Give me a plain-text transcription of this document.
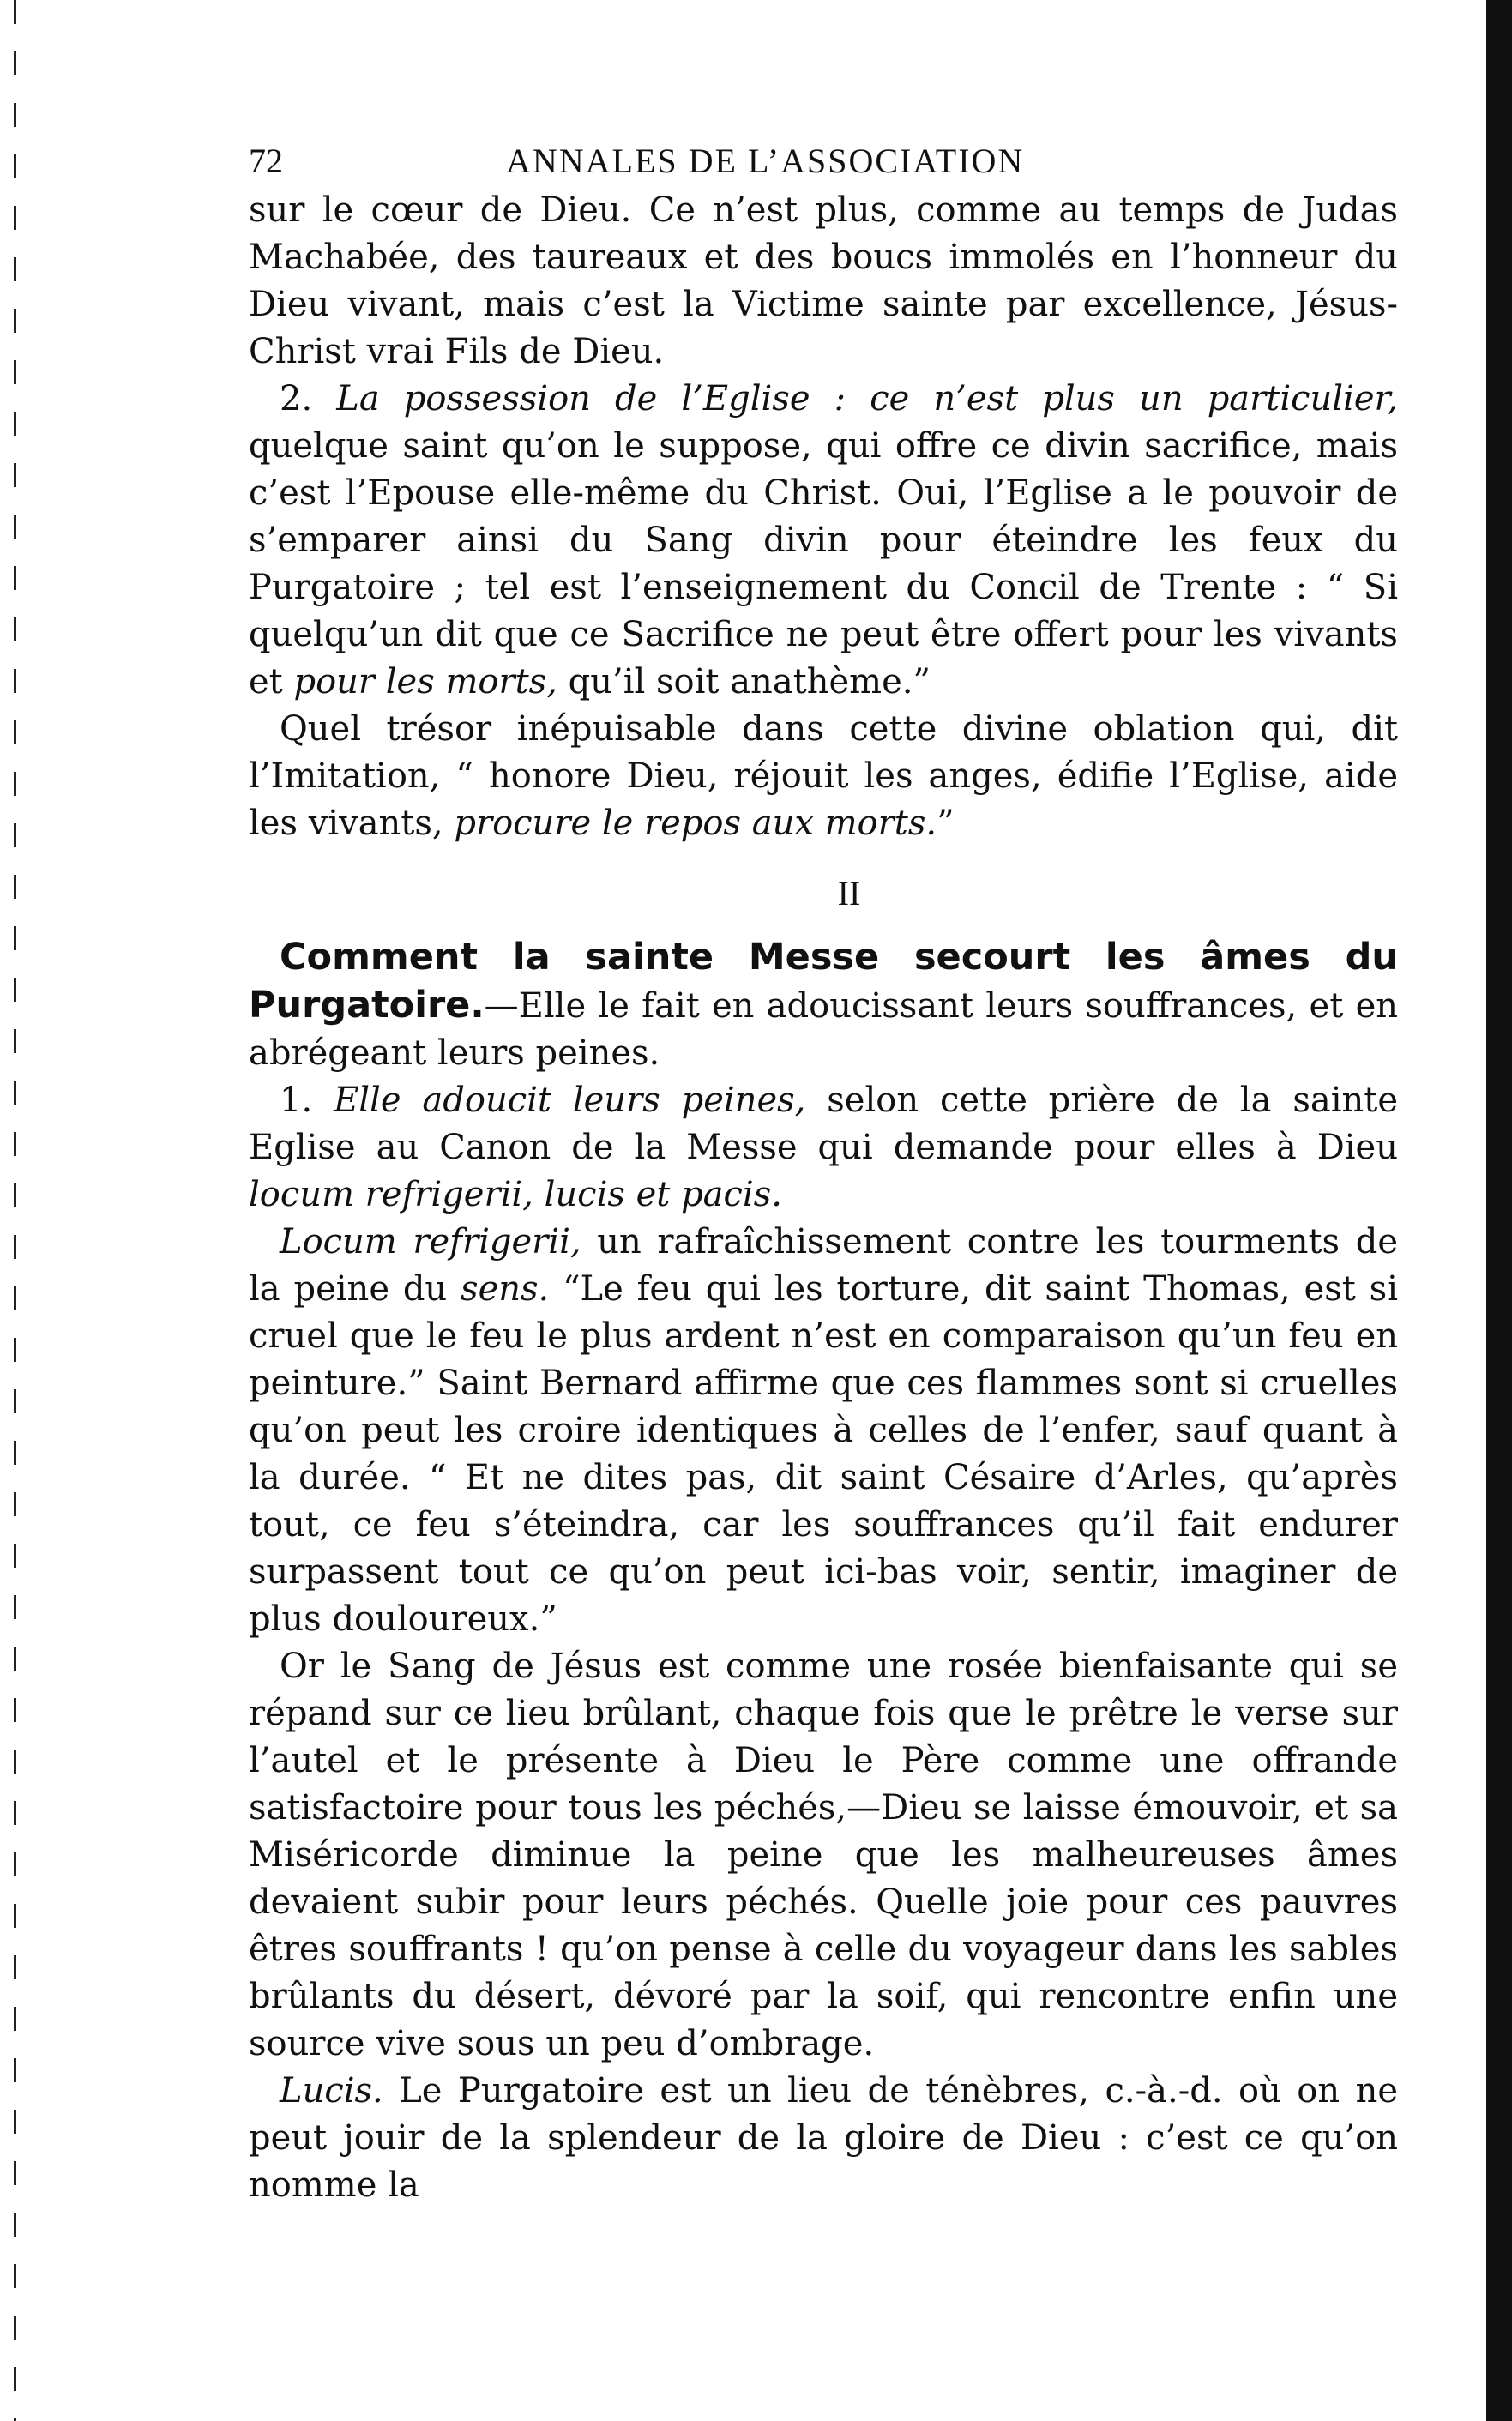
72	ANNALES DE L’ASSOCIATION

sur le cœur de Dieu. Ce n’est plus, comme au temps de Judas Machabée, des taureaux et des boucs immolés en l’honneur du Dieu vivant, mais c’est la Victime sainte par excellence, Jésus-Christ vrai Fils de Dieu.

2. La possession de l’Eglise : ce n’est plus un particulier, quelque saint qu’on le suppose, qui offre ce divin sacrifice, mais c’est l’Epouse elle-même du Christ. Oui, l’Eglise a le pouvoir de s’emparer ainsi du Sang divin pour éteindre les feux du Purgatoire ; tel est l’enseignement du Concil de Trente : “ Si quelqu’un dit que ce Sacrifice ne peut être offert pour les vivants et pour les morts, qu’il soit anathème.”

Quel trésor inépuisable dans cette divine oblation qui, dit l’Imitation, “ honore Dieu, réjouit les anges, édifie l’Eglise, aide les vivants, procure le repos aux morts.”

II

Comment la sainte Messe secourt les âmes du Purgatoire.—Elle le fait en adoucissant leurs souffrances, et en abrégeant leurs peines.

1. Elle adoucit leurs peines, selon cette prière de la sainte Eglise au Canon de la Messe qui demande pour elles à Dieu locum refrigerii, lucis et pacis.

Locum refrigerii, un rafraîchissement contre les tourments de la peine du sens. “Le feu qui les torture, dit saint Thomas, est si cruel que le feu le plus ardent n’est en comparaison qu’un feu en peinture.” Saint Bernard affirme que ces flammes sont si cruelles qu’on peut les croire identiques à celles de l’enfer, sauf quant à la durée. “ Et ne dites pas, dit saint Césaire d’Arles, qu’après tout, ce feu s’éteindra, car les souffrances qu’il fait endurer surpassent tout ce qu’on peut ici-bas voir, sentir, imaginer de plus douloureux.”

Or le Sang de Jésus est comme une rosée bienfaisante qui se répand sur ce lieu brûlant, chaque fois que le prêtre le verse sur l’autel et le présente à Dieu le Père comme une offrande satisfactoire pour tous les péchés,—Dieu se laisse émouvoir, et sa Miséricorde diminue la peine que les malheureuses âmes devaient subir pour leurs péchés. Quelle joie pour ces pauvres êtres souffrants ! qu’on pense à celle du voyageur dans les sables brûlants du désert, dévoré par la soif, qui rencontre enfin une source vive sous un peu d’ombrage.

Lucis. Le Purgatoire est un lieu de ténèbres, c.-à.-d. où on ne peut jouir de la splendeur de la gloire de Dieu : c’est ce qu’on nomme la
